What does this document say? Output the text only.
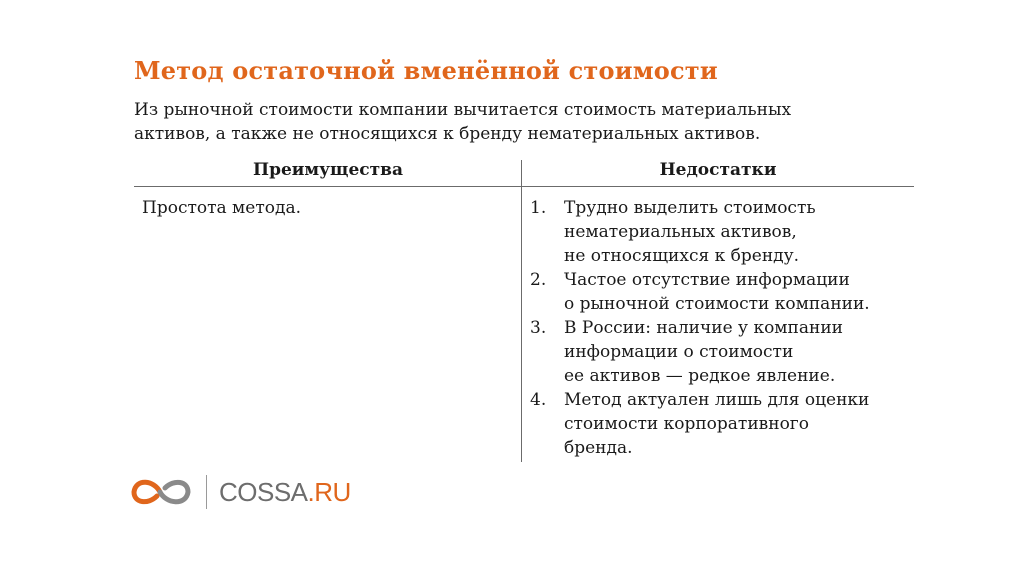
Метод остаточной вменённой стоимости
Из рыночной стоимости компании вычитается стоимость материальных
активов, а также не относящихся к бренду нематериальных активов.
Преимущества	Недостатки
Простота метода.	1. Трудно выделить стоимость
нематериальных активов,
не относящихся к бренду.
2. Частое отсутствие информации
о рыночной стоимости компании.
3. В России: наличие у компании
информации о стоимости
ее активов — редкое явление.
4. Метод актуален лишь для оценки
стоимости корпоративного
бренда.
COSSA.RU
